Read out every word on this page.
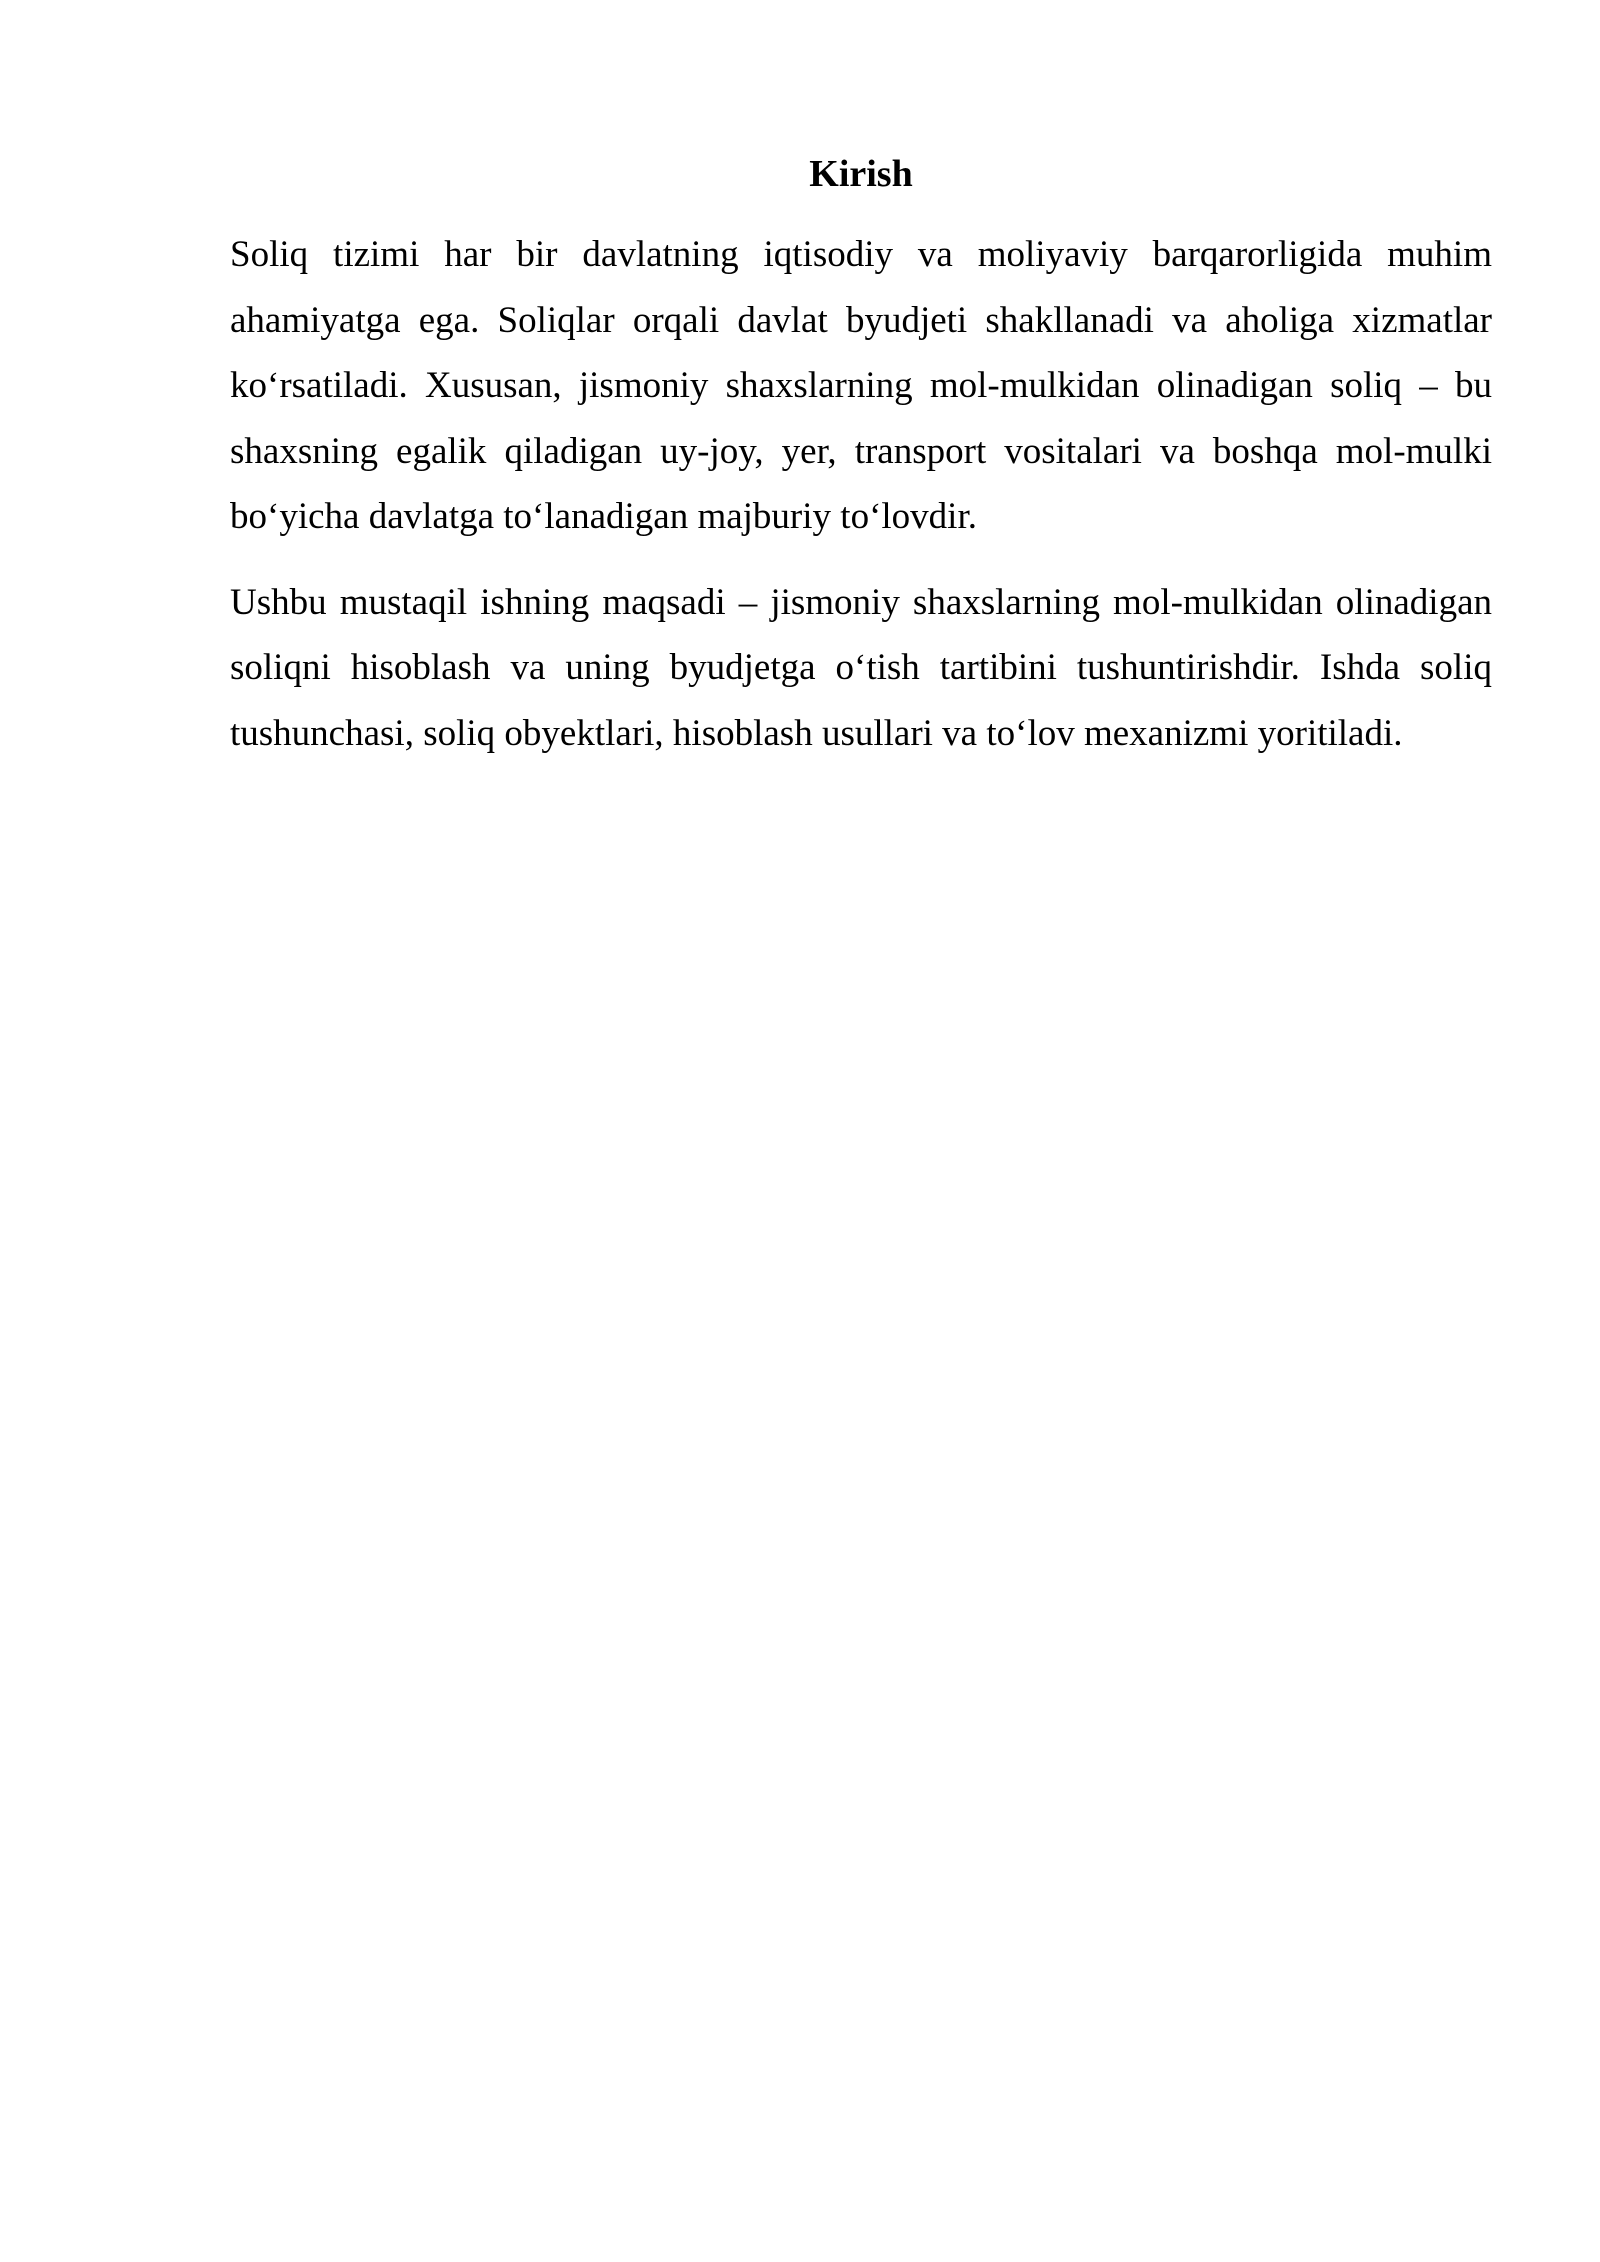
Kirish

Soliq tizimi har bir davlatning iqtisodiy va moliyaviy barqarorligida muhim ahamiyatga ega. Soliqlar orqali davlat byudjeti shakllanadi va aholiga xizmatlar ko‘rsatiladi. Xususan, jismoniy shaxslarning mol-mulkidan olinadigan soliq – bu shaxsning egalik qiladigan uy-joy, yer, transport vositalari va boshqa mol-mulki bo‘yicha davlatga to‘lanadigan majburiy to‘lovdir.

Ushbu mustaqil ishning maqsadi – jismoniy shaxslarning mol-mulkidan olinadigan soliqni hisoblash va uning byudjetga o‘tish tartibini tushuntirishdir. Ishda soliq tushunchasi, soliq obyektlari, hisoblash usullari va to‘lov mexanizmi yoritiladi.
